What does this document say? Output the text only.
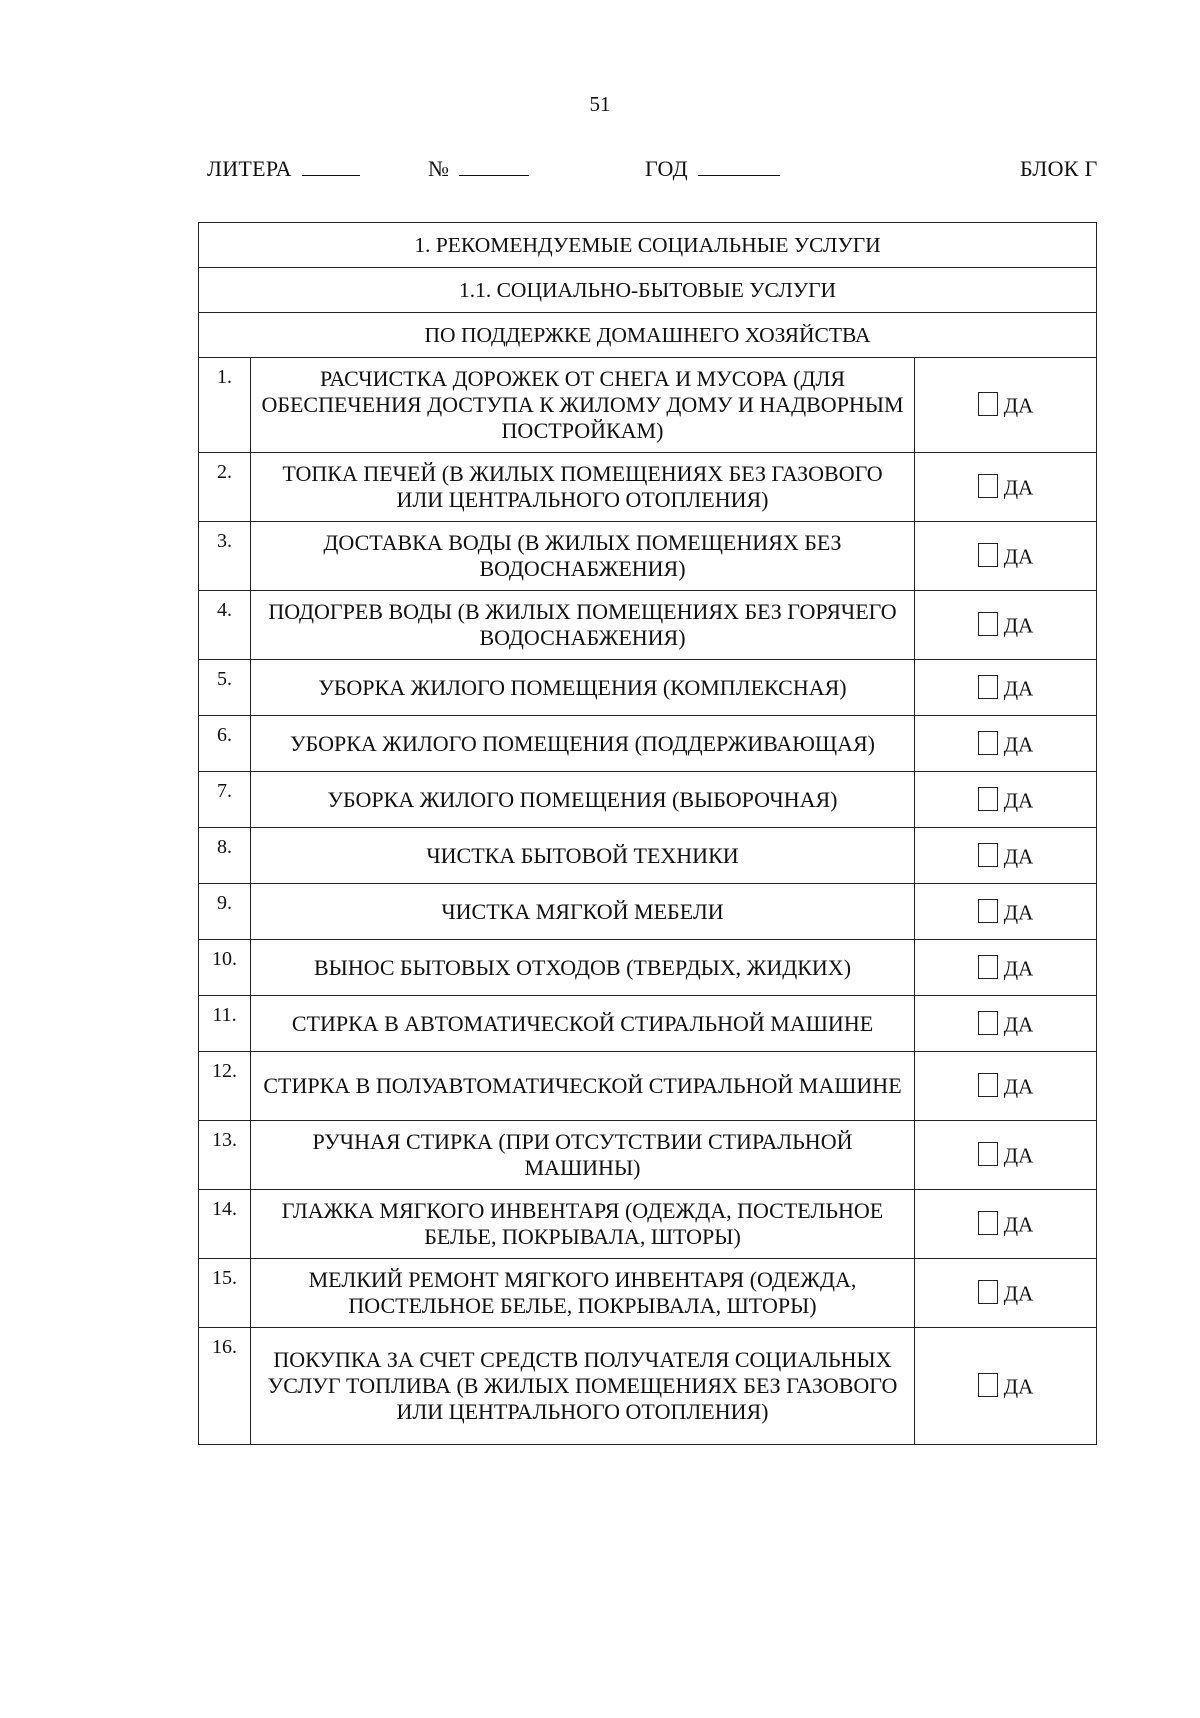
51
ЛИТЕРА	№	ГОД	БЛОК Г
1. РЕКОМЕНДУЕМЫЕ СОЦИАЛЬНЫЕ УСЛУГИ		
1.1. СОЦИАЛЬНО-БЫТОВЫЕ УСЛУГИ		
ПО ПОДДЕРЖКЕ ДОМАШНЕГО ХОЗЯЙСТВА		
1.	РАСЧИСТКА ДОРОЖЕК ОТ СНЕГА И МУСОРА (ДЛЯ ОБЕСПЕЧЕНИЯ ДОСТУПА К ЖИЛОМУ ДОМУ И НАДВОРНЫМ ПОСТРОЙКАМ)	ДА
2.	ТОПКА ПЕЧЕЙ (В ЖИЛЫХ ПОМЕЩЕНИЯХ БЕЗ ГАЗОВОГО ИЛИ ЦЕНТРАЛЬНОГО ОТОПЛЕНИЯ)	ДА
3.	ДОСТАВКА ВОДЫ (В ЖИЛЫХ ПОМЕЩЕНИЯХ БЕЗ ВОДОСНАБЖЕНИЯ)	ДА
4.	ПОДОГРЕВ ВОДЫ (В ЖИЛЫХ ПОМЕЩЕНИЯХ БЕЗ ГОРЯЧЕГО ВОДОСНАБЖЕНИЯ)	ДА
5.	УБОРКА ЖИЛОГО ПОМЕЩЕНИЯ (КОМПЛЕКСНАЯ)	ДА
6.	УБОРКА ЖИЛОГО ПОМЕЩЕНИЯ (ПОДДЕРЖИВАЮЩАЯ)	ДА
7.	УБОРКА ЖИЛОГО ПОМЕЩЕНИЯ (ВЫБОРОЧНАЯ)	ДА
8.	ЧИСТКА БЫТОВОЙ ТЕХНИКИ	ДА
9.	ЧИСТКА МЯГКОЙ МЕБЕЛИ	ДА
10.	ВЫНОС БЫТОВЫХ ОТХОДОВ (ТВЕРДЫХ, ЖИДКИХ)	ДА
11.	СТИРКА В АВТОМАТИЧЕСКОЙ СТИРАЛЬНОЙ МАШИНЕ	ДА
12.	СТИРКА В ПОЛУАВТОМАТИЧЕСКОЙ СТИРАЛЬНОЙ МАШИНЕ	ДА
13.	РУЧНАЯ СТИРКА (ПРИ ОТСУТСТВИИ СТИРАЛЬНОЙ МАШИНЫ)	ДА
14.	ГЛАЖКА МЯГКОГО ИНВЕНТАРЯ (ОДЕЖДА, ПОСТЕЛЬНОЕ БЕЛЬЕ, ПОКРЫВАЛА, ШТОРЫ)	ДА
15.	МЕЛКИЙ РЕМОНТ МЯГКОГО ИНВЕНТАРЯ (ОДЕЖДА, ПОСТЕЛЬНОЕ БЕЛЬЕ, ПОКРЫВАЛА, ШТОРЫ)	ДА
16.	ПОКУПКА ЗА СЧЕТ СРЕДСТВ ПОЛУЧАТЕЛЯ СОЦИАЛЬНЫХ УСЛУГ ТОПЛИВА (В ЖИЛЫХ ПОМЕЩЕНИЯХ БЕЗ ГАЗОВОГО ИЛИ ЦЕНТРАЛЬНОГО ОТОПЛЕНИЯ)	ДА
